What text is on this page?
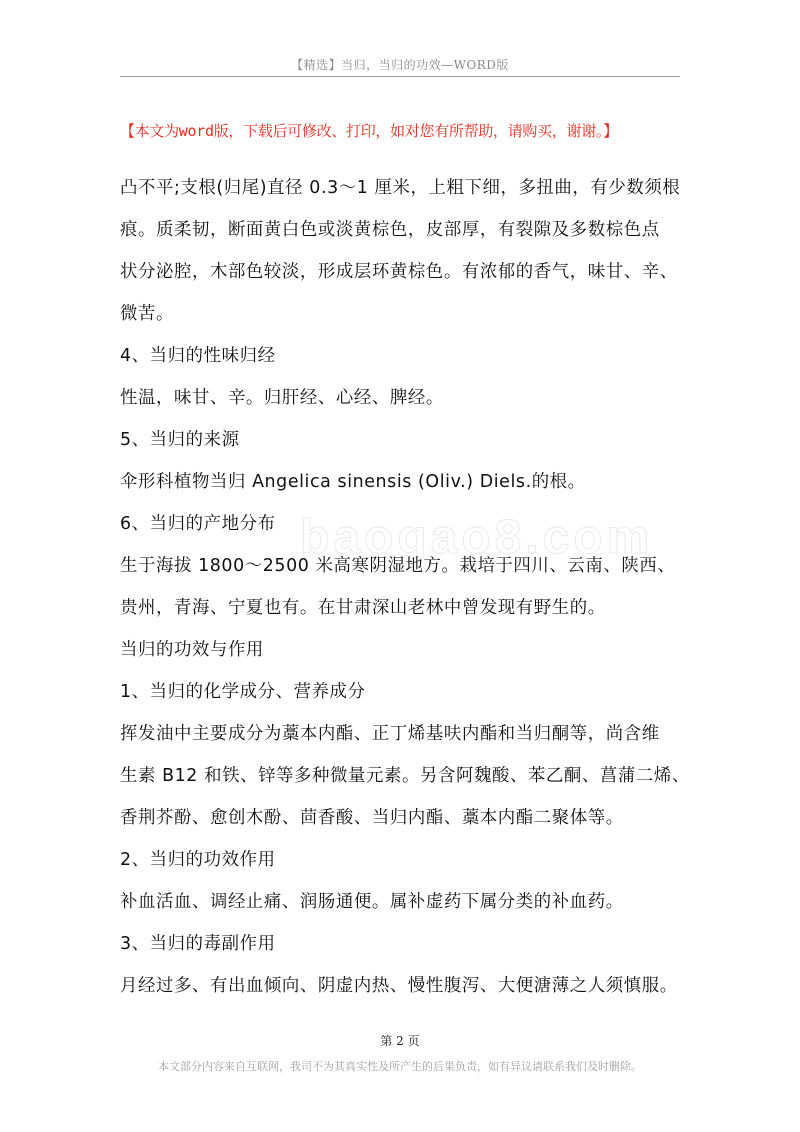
【精选】当归，当归的功效—WORD版
【本文为word版，下载后可修改、打印，如对您有所帮助，请购买，谢谢。】
baogao8.com

凸不平;支根(归尾)直径 0.3～1 厘米，上粗下细，多扭曲，有少数须根

痕。质柔韧，断面黄白色或淡黄棕色，皮部厚，有裂隙及多数棕色点

状分泌腔，木部色较淡，形成层环黄棕色。有浓郁的香气，味甘、辛、

微苦。

4、当归的性味归经

性温，味甘、辛。归肝经、心经、脾经。

5、当归的来源

伞形科植物当归 Angelica sinensis (Oliv.) Diels.的根。

6、当归的产地分布

生于海拔 1800～2500 米高寒阴湿地方。栽培于四川、云南、陕西、

贵州，青海、宁夏也有。在甘肃深山老林中曾发现有野生的。

当归的功效与作用

1、当归的化学成分、营养成分

挥发油中主要成分为藁本内酯、正丁烯基呋内酯和当归酮等，尚含维

生素 B12 和铁、锌等多种微量元素。另含阿魏酸、苯乙酮、菖蒲二烯、

香荆芥酚、愈创木酚、茴香酸、当归内酯、藁本内酯二聚体等。

2、当归的功效作用

补血活血、调经止痛、润肠通便。属补虚药下属分类的补血药。

3、当归的毒副作用

月经过多、有出血倾向、阴虚内热、慢性腹泻、大便溏薄之人须慎服。

第 2 页
本文部分内容来自互联网，我司不为其真实性及所产生的后果负责，如有异议请联系我们及时删除。
